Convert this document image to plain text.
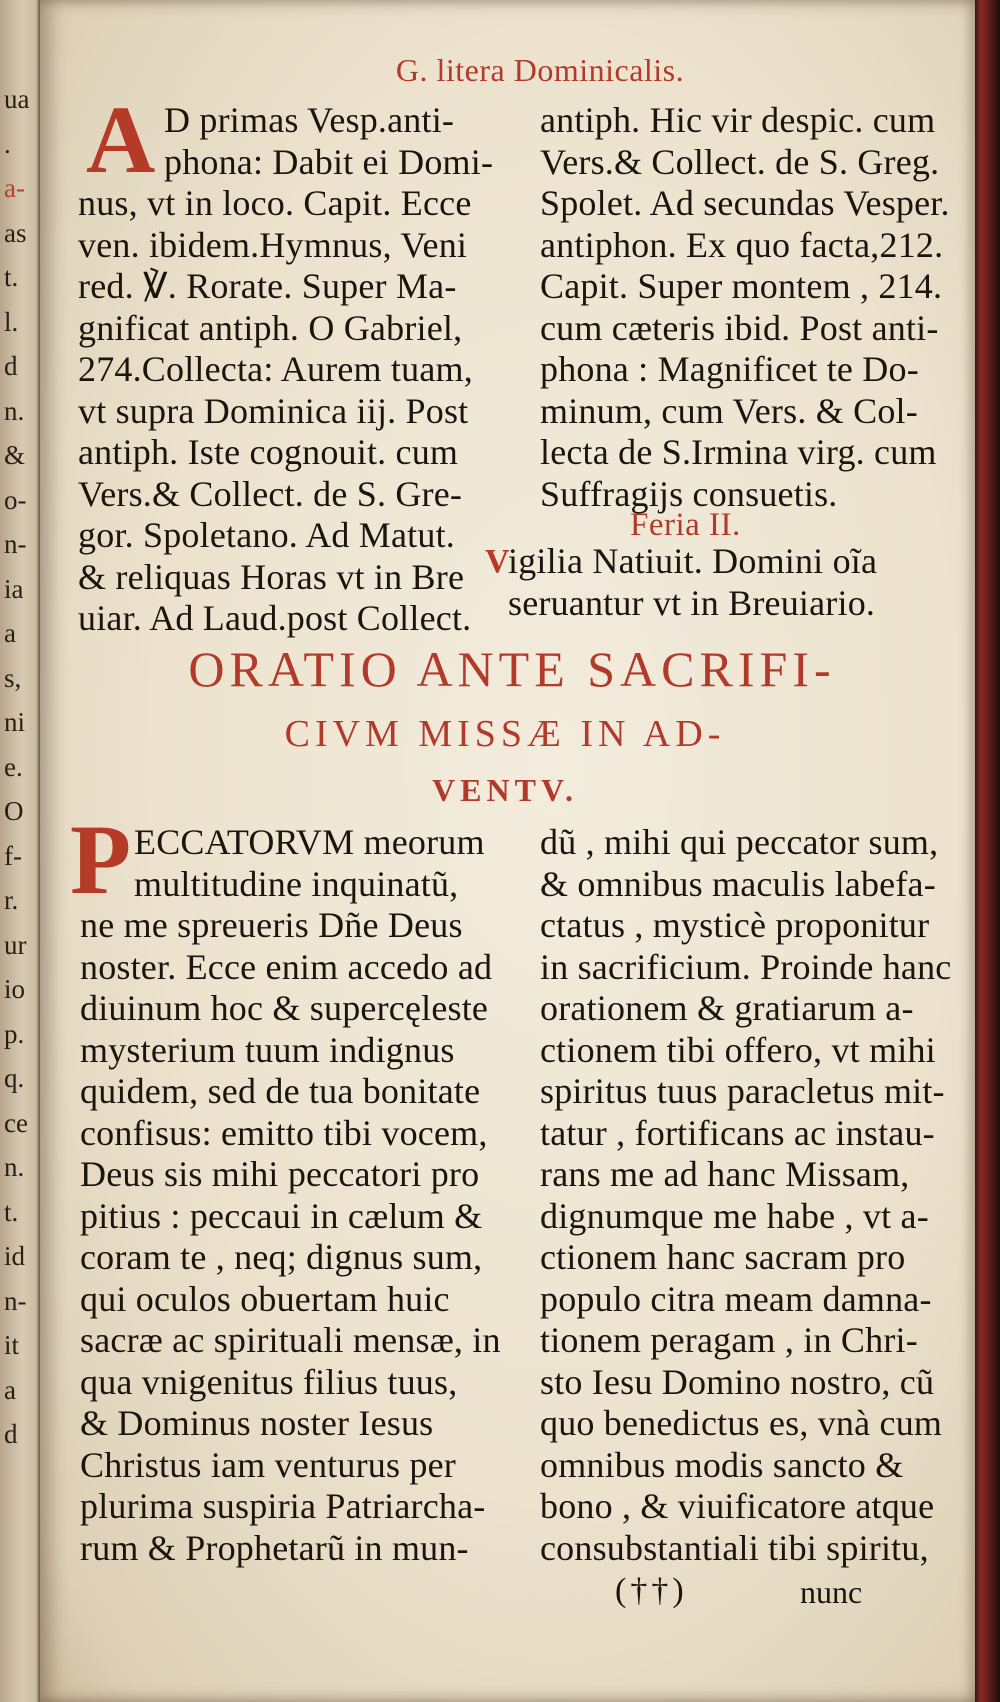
ua
.
a-
as
t.
l.
d
n.
&
o-
n-
ia
a
s,
ni
e.
O
f-
r.
ur
io
p.
q.
ce
n.
t.
id
n-
it
a
d
G. litera Dominicalis.
A D primas Vesp.anti-
phona: Dabit ei Domi-
nus, vt in loco. Capit. Ecce
ven. ibidem.Hymnus, Veni
red. ℣. Rorate. Super Ma-
gnificat antiph. O Gabriel,
274.Collecta: Aurem tuam,
vt supra Dominica iij. Post
antiph. Iste cognouit. cum
Vers.& Collect. de S. Gre-
gor. Spoletano. Ad Matut.
& reliquas Horas vt in Bre
uiar. Ad Laud.post Collect.
antiph. Hic vir despic. cum
Vers.& Collect. de S. Greg.
Spolet. Ad secundas Vesper.
antiphon. Ex quo facta,212.
Capit. Super montem , 214.
cum cæteris ibid. Post anti-
phona : Magnificet te Do-
minum, cum Vers. & Col-
lecta de S.Irmina virg. cum
Suffragijs consuetis.
Feria II.
V
igilia Natiuit. Domini oĩa
seruantur vt in Breuiario.
ORATIO ANTE SACRIFI-
CIVM MISSÆ IN AD-
VENTV.
P ECCATORVM meorum
multitudine inquinatũ,
ne me spreueris Dñe Deus
noster. Ecce enim accedo ad
diuinum hoc & supercęleste
mysterium tuum indignus
quidem, sed de tua bonitate
confisus: emitto tibi vocem,
Deus sis mihi peccatori pro
pitius : peccaui in cælum &
coram te , neq; dignus sum,
qui oculos obuertam huic
sacræ ac spirituali mensæ, in
qua vnigenitus filius tuus,
& Dominus noster Iesus
Christus iam venturus per
plurima suspiria Patriarcha-
rum & Prophetarũ in mun-
dũ , mihi qui peccator sum,
& omnibus maculis labefa-
ctatus , mysticè proponitur
in sacrificium. Proinde hanc
orationem & gratiarum a-
ctionem tibi offero, vt mihi
spiritus tuus paracletus mit-
tatur , fortificans ac instau-
rans me ad hanc Missam,
dignumque me habe , vt a-
ctionem hanc sacram pro
populo citra meam damna-
tionem peragam , in Chri-
sto Iesu Domino nostro, cũ
quo benedictus es, vnà cum
omnibus modis sancto &
bono , & viuificatore atque
consubstantiali tibi spiritu,
(††)	nunc
